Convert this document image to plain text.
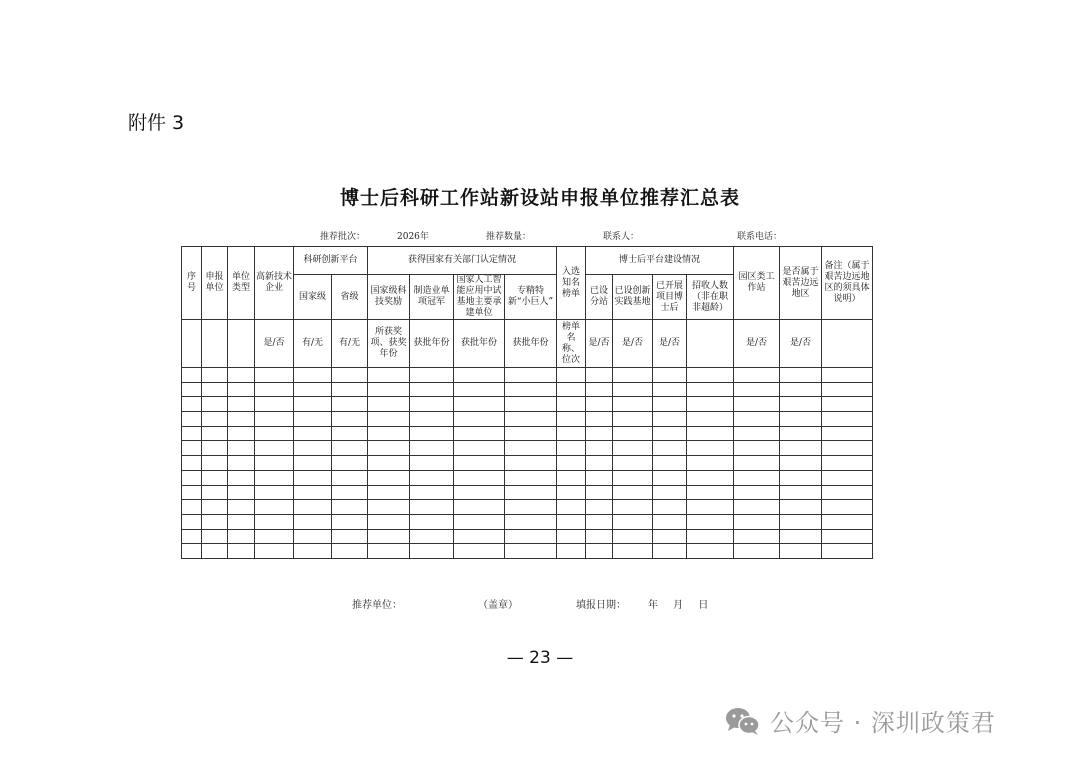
附件 3
博士后科研工作站新设站申报单位推荐汇总表
推荐批次：	2026年	推荐数量：	联系人：	联系电话：
序号	申报单位	单位类型	高新技术企业	科研创新平台		获得国家有关部门认定情况				入选知名榜单	博士后平台建设情况				园区类工作站	是否属于艰苦边远地区	备注（属于艰苦边远地区的须具体说明）
				国家级	省级	国家级科技奖励	制造业单项冠军	国家人工智能应用中试基地主要承建单位	专精特新“小巨人”		已设分站	已设创新实践基地	已开展项目博士后	招收人数（非在职非超龄）			
			是/否	有/无	有/无	所获奖项、获奖年份	获批年份	获批年份	获批年份	榜单名称、位次	是/否	是/否	是/否		是/否	是/否	

推荐单位：	（盖章）	填报日期： 年 月 日
— 23 —
公众号 · 深圳政策君
